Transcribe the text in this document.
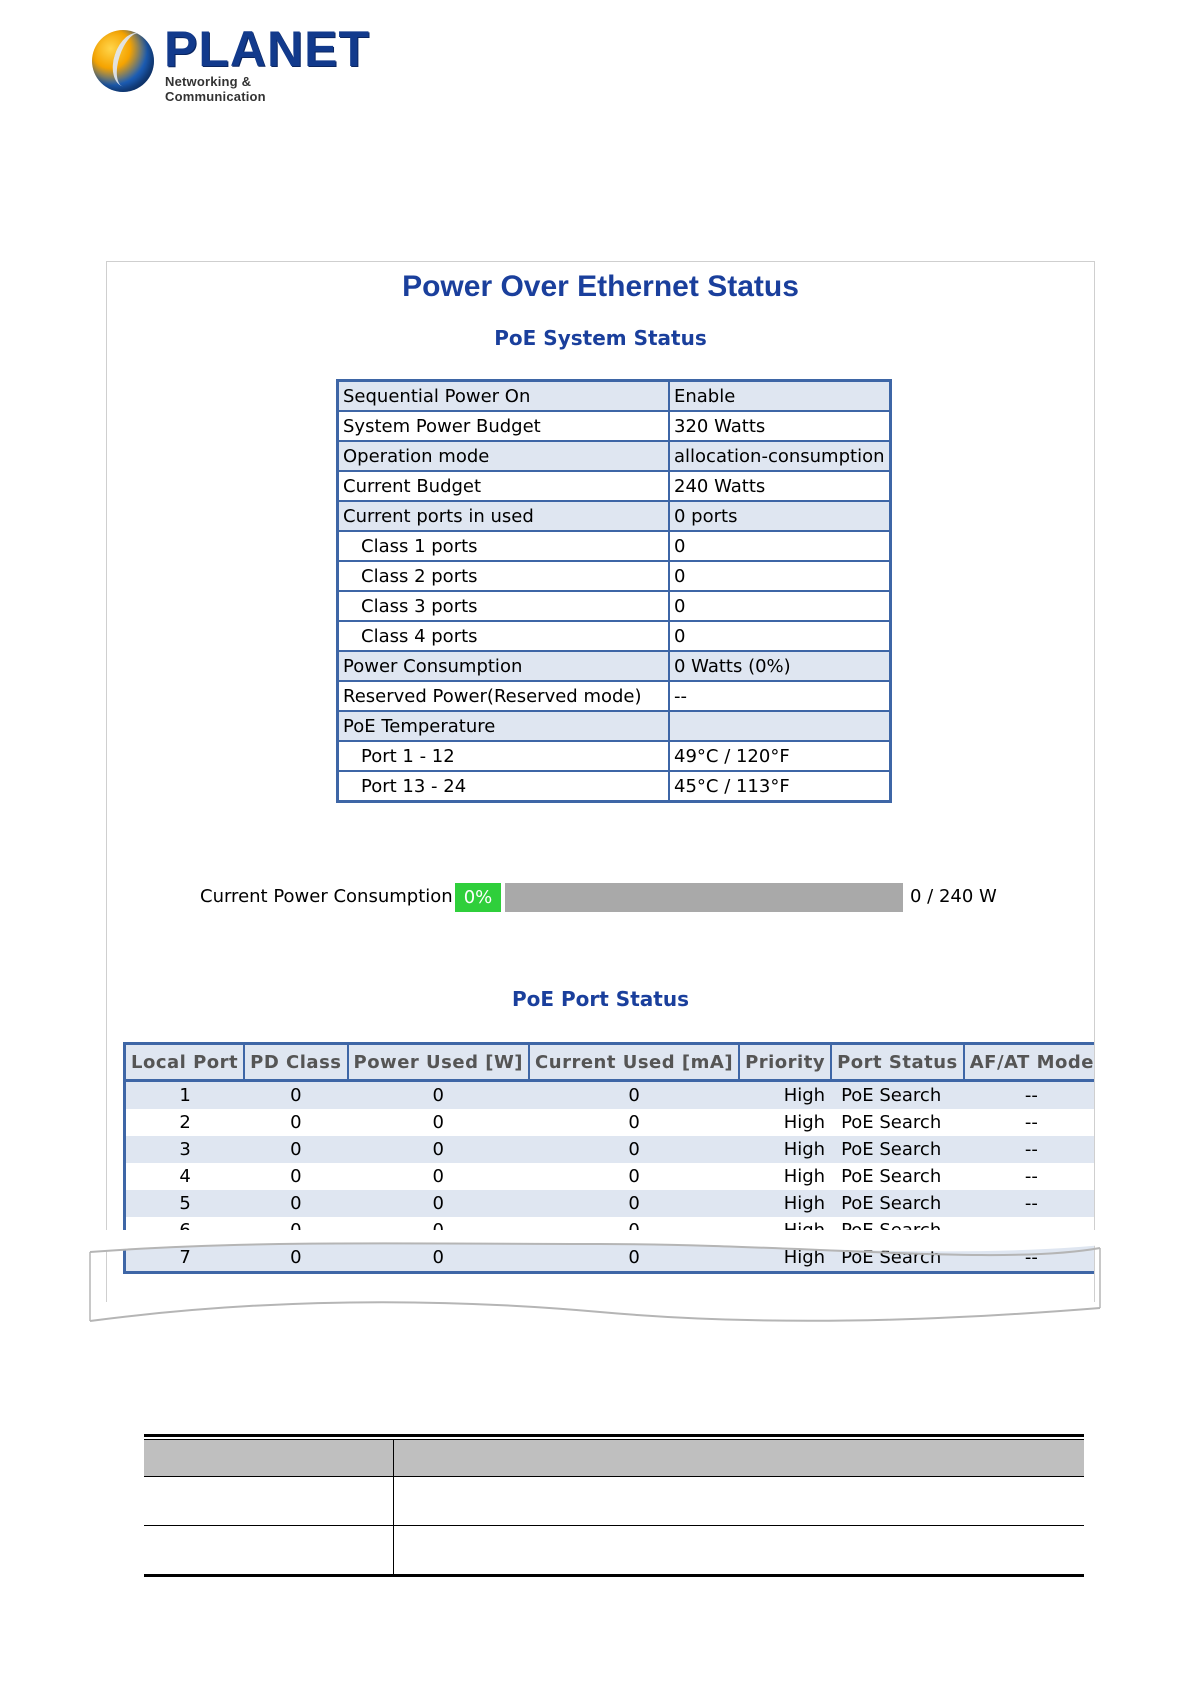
PLANET
Networking & Communication
Power Over Ethernet Status
PoE System Status
Sequential Power On	Enable
System Power Budget	320 Watts
Operation mode	allocation-consumption
Current Budget	240 Watts
Current ports in used	0 ports
Class 1 ports	0
Class 2 ports	0
Class 3 ports	0
Class 4 ports	0
Power Consumption	0 Watts (0%)
Reserved Power(Reserved mode)	--
PoE Temperature	
Port 1 - 12	49°C / 120°F
Port 13 - 24	45°C / 113°F
Current Power Consumption 0%	0 / 240 W
PoE Port Status
Local Port	PD Class	Power Used [W]	Current Used [mA]	Priority	Port Status	AF/AT Mode
1	0	0	0	High	PoE Search	--
2	0	0	0	High	PoE Search	--
3	0	0	0	High	PoE Search	--
4	0	0	0	High	PoE Search	--
5	0	0	0	High	PoE Search	--

7	0	0	0	High	PoE Search	--
